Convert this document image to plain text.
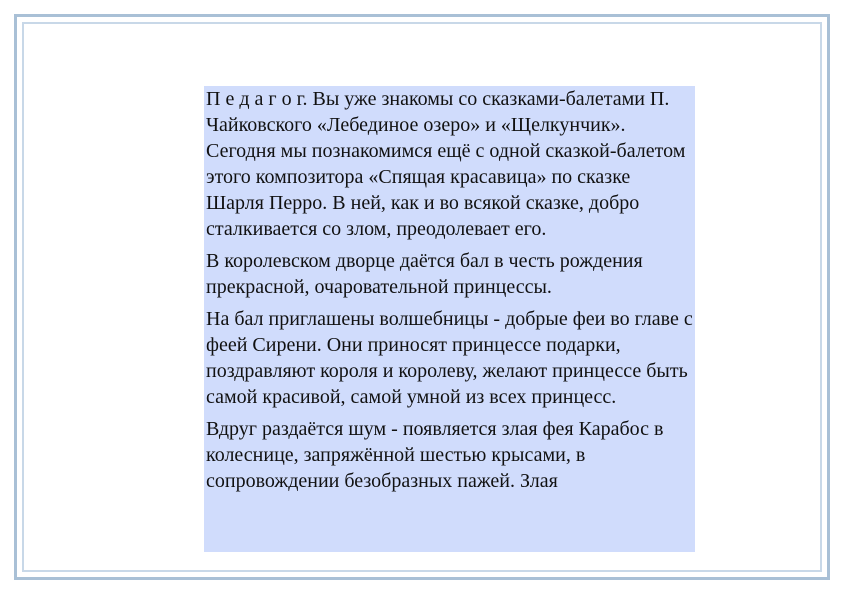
П е д а г о г. Вы уже знакомы со сказками-балетами П. Чайковского «Лебединое озеро» и «Щелкунчик». Сегодня мы познакомимся ещё с одной сказкой-балетом этого композитора «Спящая красавица» по сказке Шарля Перро. В ней, как и во всякой сказке, добро сталкивается со злом, преодолевает его.

В королевском дворце даётся бал в честь рождения прекрасной, очаровательной принцессы.

На бал приглашены волшебницы - добрые феи во главе с феей Сирени. Они приносят принцессе подарки, поздравляют короля и королеву, желают принцессе быть самой красивой, самой умной из всех принцесс.

Вдруг раздаётся шум - появляется злая фея Карабос в колеснице, запряжённой шестью крысами, в сопровождении безобразных пажей. Злая
